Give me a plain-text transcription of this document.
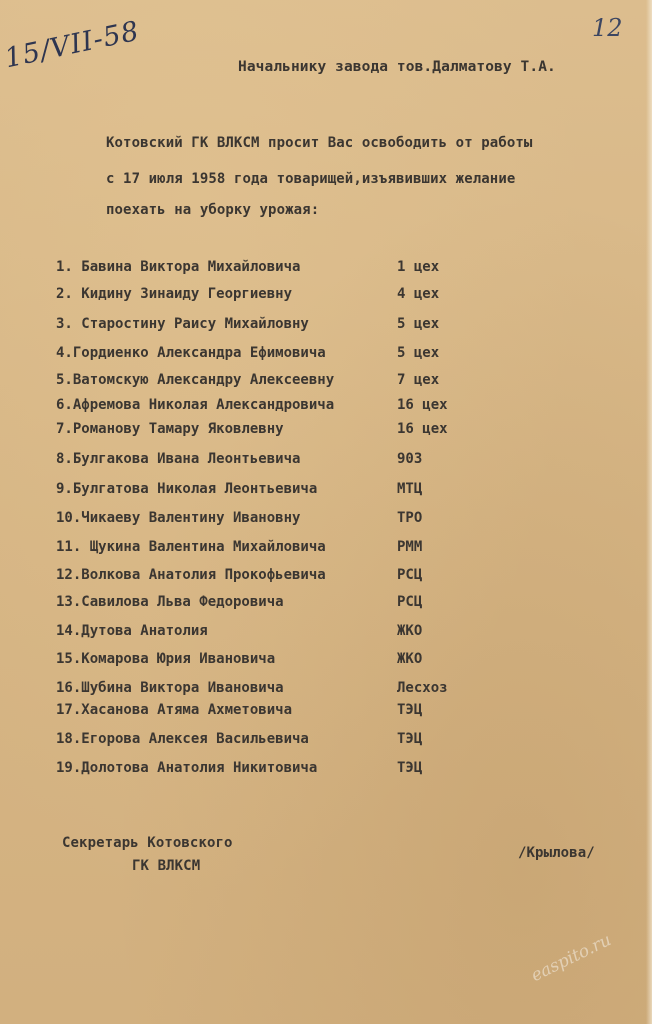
15/VII-58	12
Начальнику завода тов.Далматову Т.А.
Котовский ГК ВЛКСМ просит Вас освободить от работы
с 17 июля 1958 года товарищей,изъявивших желание
поехать на уборку урожая:
1. Бавина Виктора Михайловича	1 цех
2. Кидину Зинаиду Георгиевну	4 цех
3. Старостину Раису Михайловну	5 цех
4.Гордиенко Александра Ефимовича	5 цех
5.Ватомскую Александру Алексеевну	7 цех
6.Афремова Николая Александровича	16 цех
7.Романову Тамару Яковлевну	16 цех
8.Булгакова Ивана Леонтьевича	903
9.Булгатова Николая Леонтьевича	МТЦ
10.Чикаеву Валентину Ивановну	ТРО
11. Щукина Валентина Михайловича	РММ
12.Волкова Анатолия Прокофьевича	РСЦ
13.Савилова Льва Федоровича	РСЦ
14.Дутова Анатолия	ЖКО
15.Комарова Юрия Ивановича	ЖКО
16.Шубина Виктора Ивановича	Лесхоз
17.Хасанова Атяма Ахметовича	ТЭЦ
18.Егорова Алексея Васильевича	ТЭЦ
19.Долотова Анатолия Никитовича	ТЭЦ
Секретарь Котовского
ГК ВЛКСМ
/Крылова/
easpito.ru
